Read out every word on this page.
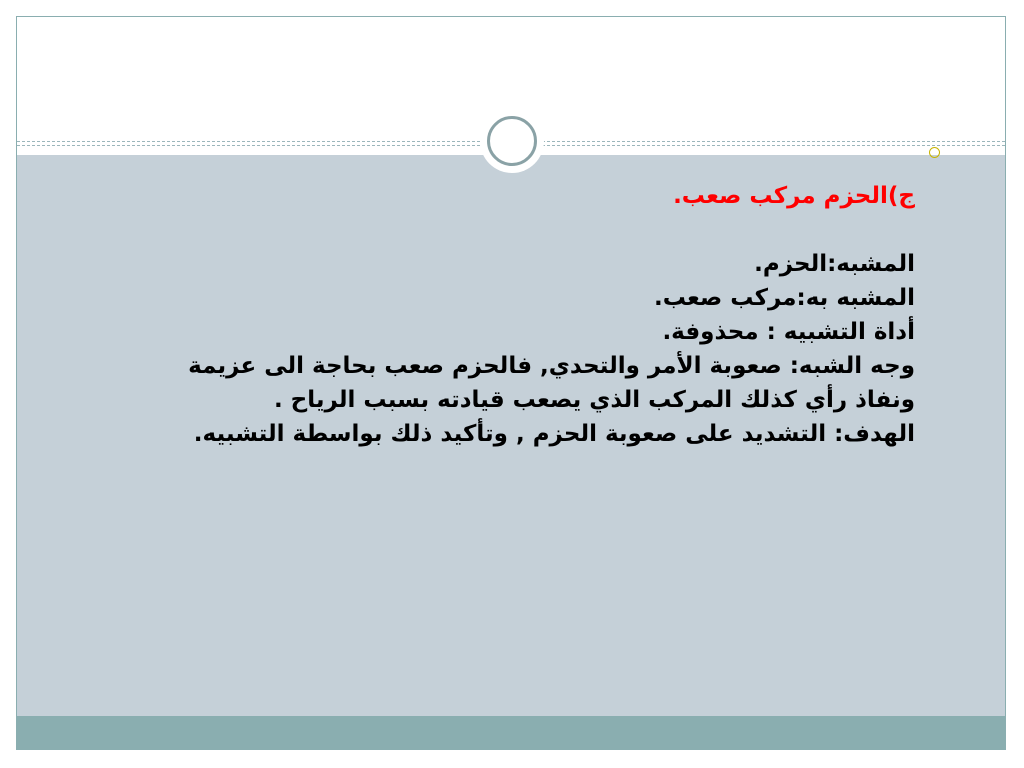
ج)الحزم مركب صعب.
المشبه:الحزم.
المشبه به:مركب صعب.
أداة التشبيه : محذوفة.
وجه الشبه: صعوبة الأمر والتحدي, فالحزم صعب بحاجة الى عزيمة
ونفاذ رأي كذلك المركب الذي يصعب قيادته بسبب الرياح .
الهدف: التشديد على صعوبة الحزم , وتأكيد ذلك بواسطة التشبيه.
